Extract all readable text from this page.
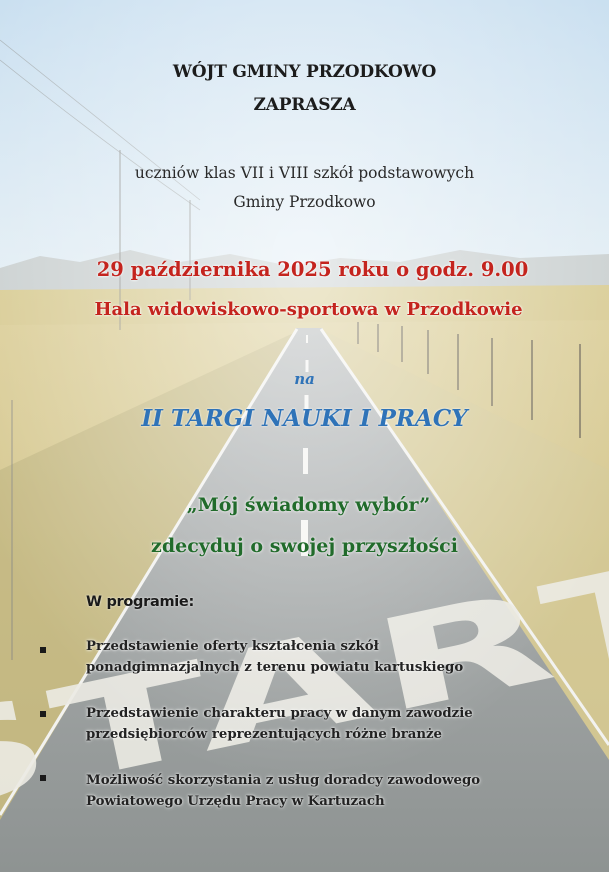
WÓJT GMINY PRZODKOWO

ZAPRASZA

uczniów klas VII i VIII szkół podstawowych

Gminy Przodkowo

29 października 2025 roku o godz. 9.00

Hala widowiskowo-sportowa w Przodkowie

na

II TARGI NAUKI I PRACY

„Mój świadomy wybór”

zdecyduj o swojej przyszłości

W programie:

Przedstawienie oferty kształcenia szkół
ponadgimnazjalnych z terenu powiatu kartuskiego

Przedstawienie charakteru pracy w danym zawodzie
przedsiębiorców reprezentujących różne branże

Możliwość skorzystania z usług doradcy zawodowego
Powiatowego Urzędu Pracy w Kartuzach
